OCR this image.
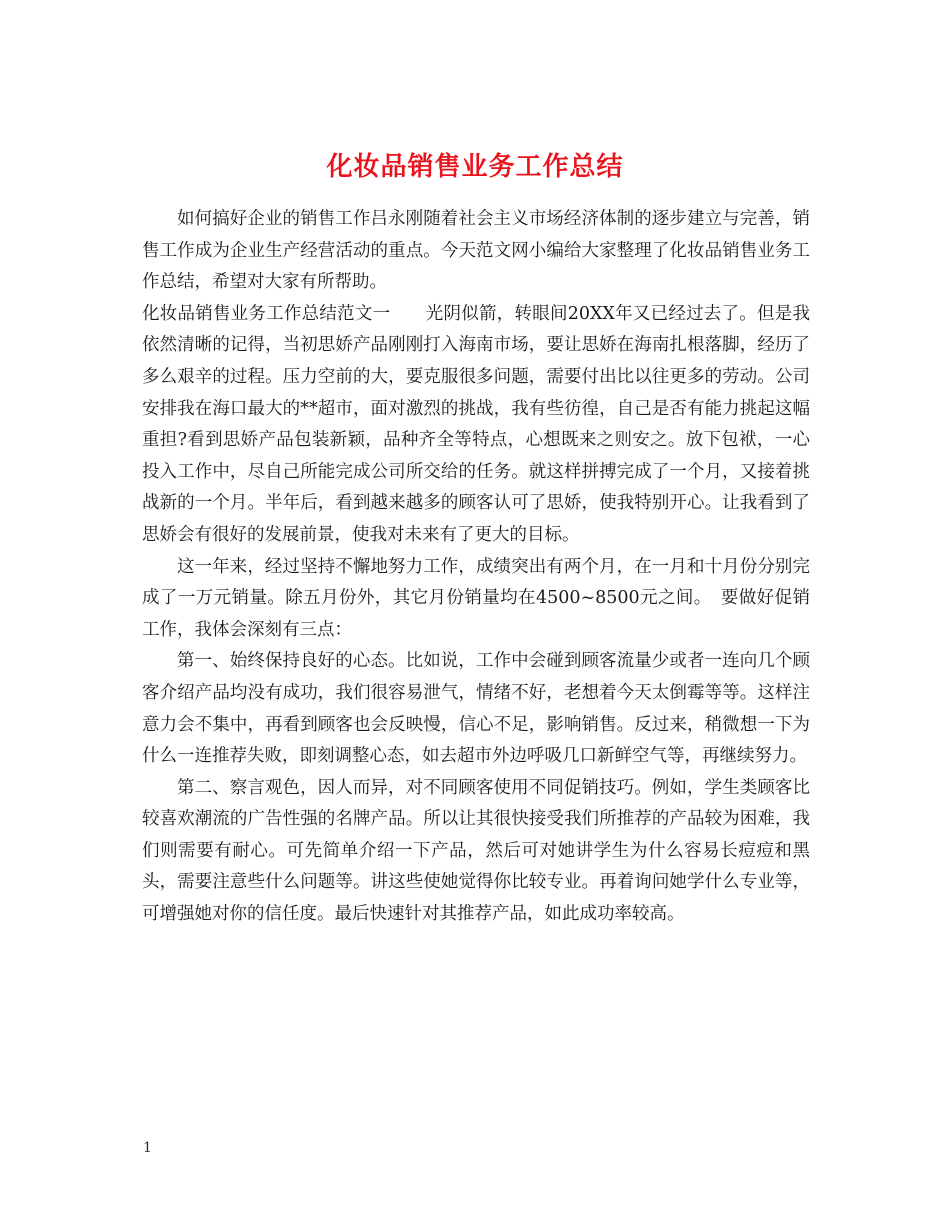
化妆品销售业务工作总结

如何搞好企业的销售工作吕永刚随着社会主义市场经济体制的逐步建立与完善，销售工作成为企业生产经营活动的重点。今天范文网小编给大家整理了化妆品销售业务工作总结，希望对大家有所帮助。

化妆品销售业务工作总结范文一　　光阴似箭，转眼间20XX年又已经过去了。但是我依然清晰的记得，当初思娇产品刚刚打入海南市场，要让思娇在海南扎根落脚，经历了多么艰辛的过程。压力空前的大，要克服很多问题，需要付出比以往更多的劳动。公司安排我在海口最大的**超市，面对激烈的挑战，我有些彷徨，自己是否有能力挑起这幅重担?看到思娇产品包装新颖，品种齐全等特点，心想既来之则安之。放下包袱，一心投入工作中，尽自己所能完成公司所交给的任务。就这样拼搏完成了一个月，又接着挑战新的一个月。半年后，看到越来越多的顾客认可了思娇，使我特别开心。让我看到了思娇会有很好的发展前景，使我对未来有了更大的目标。

这一年来，经过坚持不懈地努力工作，成绩突出有两个月，在一月和十月份分别完成了一万元销量。除五月份外，其它月份销量均在4500~8500元之间。　要做好促销工作，我体会深刻有三点：

第一、始终保持良好的心态。比如说，工作中会碰到顾客流量少或者一连向几个顾客介绍产品均没有成功，我们很容易泄气，情绪不好，老想着今天太倒霉等等。这样注意力会不集中，再看到顾客也会反映慢，信心不足，影响销售。反过来，稍微想一下为什么一连推荐失败，即刻调整心态，如去超市外边呼吸几口新鲜空气等，再继续努力。

第二、察言观色，因人而异，对不同顾客使用不同促销技巧。例如，学生类顾客比较喜欢潮流的广告性强的名牌产品。所以让其很快接受我们所推荐的产品较为困难，我们则需要有耐心。可先简单介绍一下产品，然后可对她讲学生为什么容易长痘痘和黑头，需要注意些什么问题等。讲这些使她觉得你比较专业。再着询问她学什么专业等，可增强她对你的信任度。最后快速针对其推荐产品，如此成功率较高。

1
